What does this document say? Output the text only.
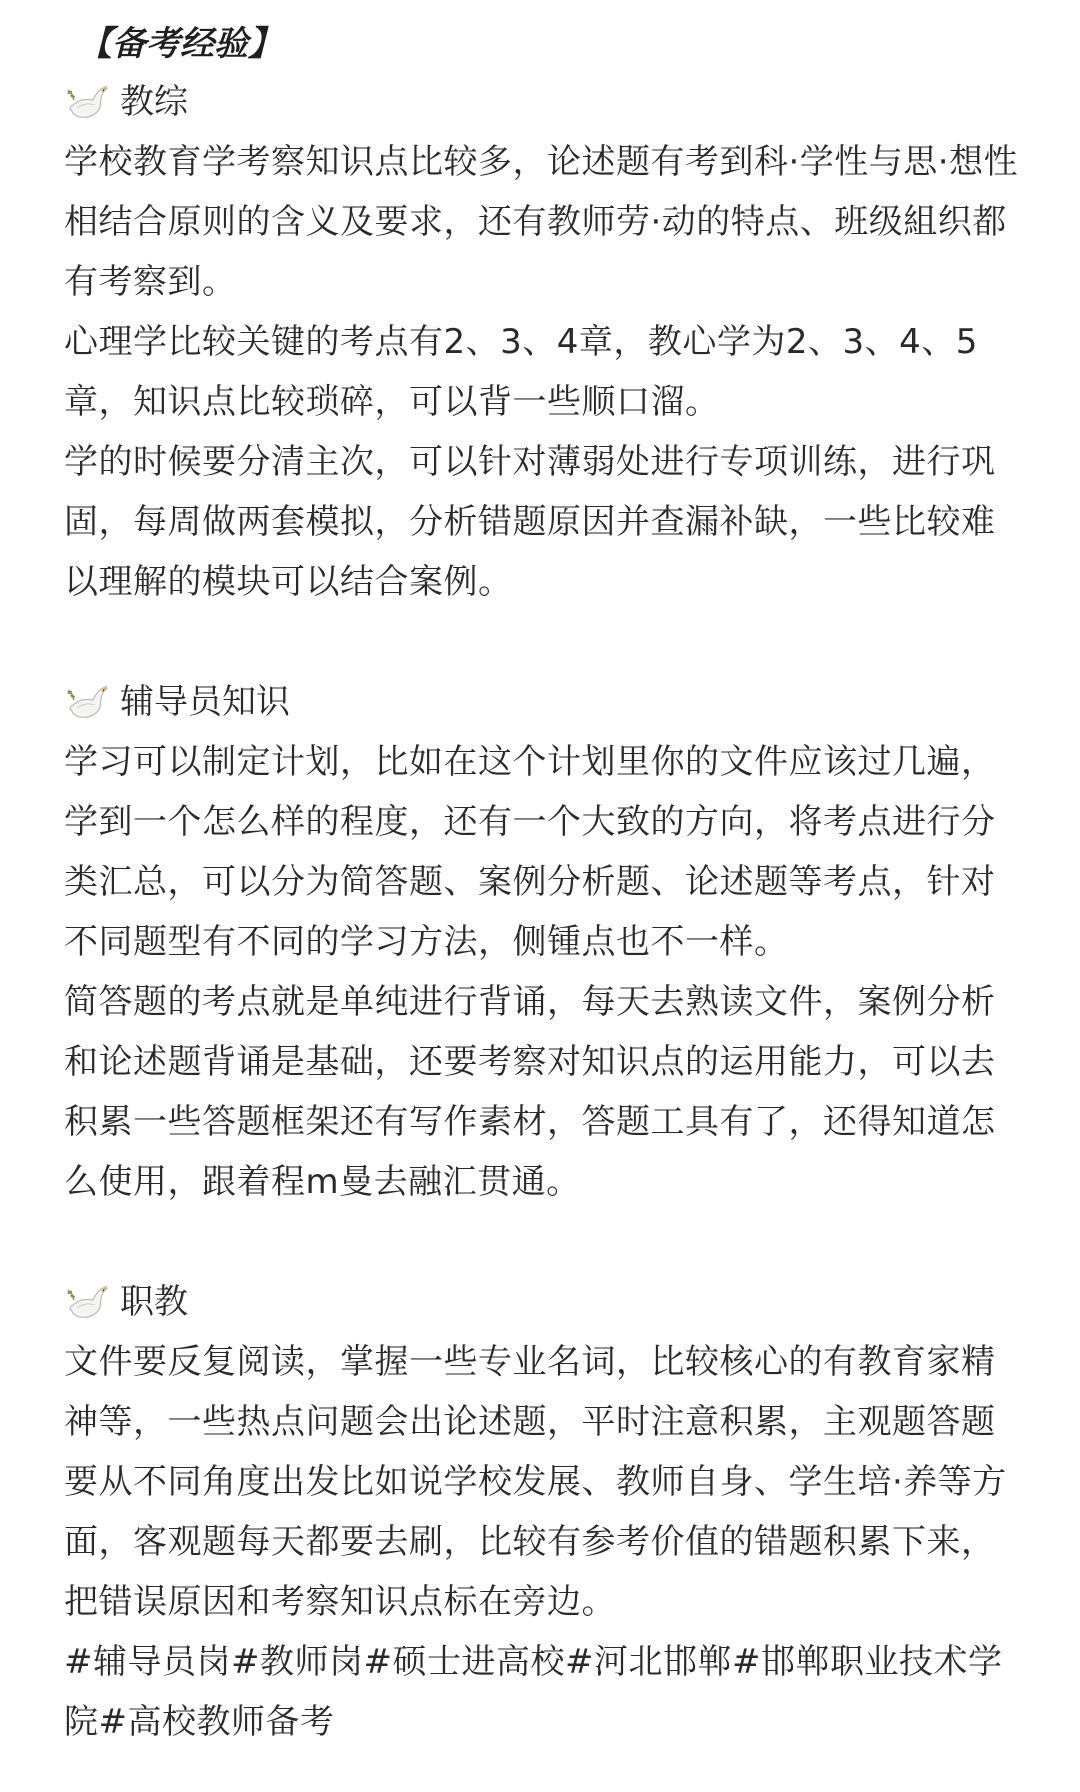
【备考经验】
教综

学校教育学考察知识点比较多，论述题有考到科·学性与思·想性相结合原则的含义及要求，还有教师劳·动的特点、班级組织都有考察到。

心理学比较关键的考点有2、3、4章，教心学为2、3、4、5章，知识点比较琐碎，可以背一些顺口溜。

学的时候要分清主次，可以针对薄弱处进行专项训练，进行巩固，每周做两套模拟，分析错题原因并查漏补缺，一些比较难以理解的模块可以结合案例。

辅导员知识

学习可以制定计划，比如在这个计划里你的文件应该过几遍，学到一个怎么样的程度，还有一个大致的方向，将考点进行分类汇总，可以分为简答题、案例分析题、论述题等考点，针对不同题型有不同的学习方法，侧锺点也不一样。

简答题的考点就是单纯进行背诵，每天去熟读文件，案例分析和论述题背诵是基础，还要考察对知识点的运用能力，可以去积累一些答题框架还有写作素材，答题工具有了，还得知道怎么使用，跟着程m曼去融汇贯通。

职教

文件要反复阅读，掌握一些专业名词，比较核心的有教育家精神等，一些热点问题会出论述题，平时注意积累，主观题答题要从不同角度出发比如说学校发展、教师自身、学生培·养等方面，客观题每天都要去刷，比较有参考价值的错题积累下来，把错误原因和考察知识点标在旁边。

#辅导员岗#教师岗#硕士进高校#河北邯郸#邯郸职业技术学院#高校教师备考
